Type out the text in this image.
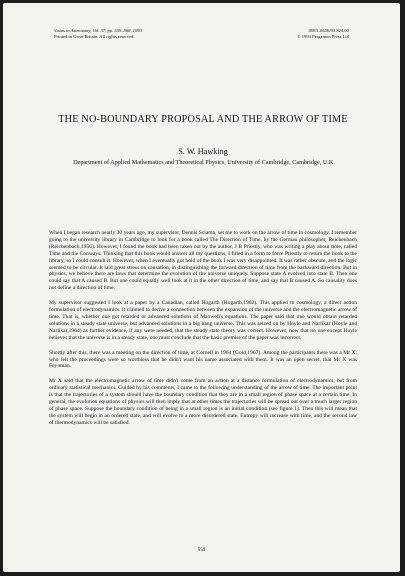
Vistas in Astronomy, Vol. 37, pp. 559–568, 1993
Printed in Great Britain. All rights reserved.
0083–6656/93 $24.00
© 1993 Pergamon Press Ltd
THE NO-BOUNDARY PROPOSAL AND THE ARROW OF TIME
S. W. Hawking
Department of Applied Mathematics and Theoretical Physics, University of Cambridge, Cambridge, U.K.

When I began research nearly 30 years ago, my supervisor, Dennis Sciama, set me to work on the arrow of time in cosmology. I remember going to the university library in Cambridge to look for a book called The Direction of Time, by the German philosopher, Reichenbach (Reichenbach,1956). However, I found the book had been taken out by the author, J B Priestly, who was writing a play about time, called Time and the Conways. Thinking that this book would answer all my questions, I filled in a form to force Priestly to return the book to the library, so I could consult it. However, when I eventually got hold of the book I was very disappointed. It was rather obscure, and the logic seemed to be circular. It laid great stress on causation, in distinguishing the forward direction of time from the backward direction. But in physics, we believe there are laws that determine the evolution of the universe uniquely. Suppose state A evolved into state B. Then one could say that A caused B. But one could equally well look at it in the other direction of time, and say that B caused A. So causality does not define a direction of time.

My supervisor suggested I look at a paper by a Canadian, called Hogarth (Hogarth,1962). This applied to cosmology, a direct action formulation of electrodynamics. It claimed to derive a connection between the expansion of the universe and the electromagnetic arrow of time. That is, whether one got retarded or advanced solutions of Maxwell's equations. The paper said that one would obtain retarded solutions in a steady state universe, but advanced solutions in a big bang universe. This was seized on by Hoyle and Narlikar (Hoyle and Narlikar,1964) as further evidence, if any were needed, that the steady state theory was correct. However, now that no one except Hoyle believes that the universe is in a steady state, one must conclude that the basic premise of the paper was incorrect.

Shortly after this, there was a meeting on the direction of time, at Cornell in 1964 (Gold,1967). Among the participants there was a Mr X, who felt the proceedings were so worthless that he didn't want his name associated with them. It was an open secret, that Mr X was Feynman.

Mr X said that the electromagnetic arrow of time didn't come from an action at a distance formulation of electrodynamics, but from ordinary statistical mechanics. Guided by his comments, I came to the following understanding of the arrow of time. The important point is that the trajectories of a system should have the boundary condition that they are in a small region of phase space at a certain time. In general, the evolution equations of physics will then imply that at other times the trajectories will be spread out over a much larger region of phase space. Suppose the boundary condition of being in a small region is an initial condition (see figure 1). Then this will mean that the system will begin in an ordered state, and will evolve to a more disordered state. Entropy will increase with time, and the second law of thermodynamics will be satisfied.

559
